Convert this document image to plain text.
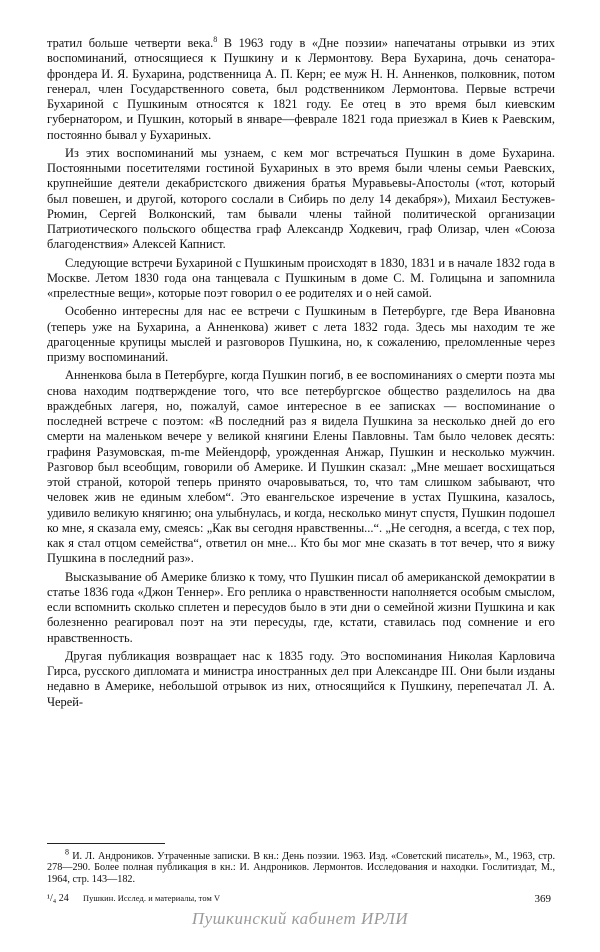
тратил больше четверти века.$^8$ В 1963 году в «Дне поэзии» напечатаны отрывки из этих воспоминаний, относящиеся к Пушкину и к Лермонтову. Вера Бухарина, дочь сенатора-фрондера И. Я. Бухарина, родственница А. П. Керн; ее муж Н. Н. Анненков, полковник, потом генерал, член Государственного совета, был родственником Лермонтова. Первые встречи Бухариной с Пушкиным относятся к 1821 году. Ее отец в это время был киевским губернатором, и Пушкин, который в январе—феврале 1821 года приезжал в Киев к Раевским, постоянно бывал у Бухариных.

Из этих воспоминаний мы узнаем, с кем мог встречаться Пушкин в доме Бухарина. Постоянными посетителями гостиной Бухариных в это время были члены семьи Раевских, крупнейшие деятели декабристского движения братья Муравьевы-Апостолы («тот, который был повешен, и другой, которого сослали в Сибирь по делу 14 декабря»), Михаил Бестужев-Рюмин, Сергей Волконский, там бывали члены тайной политической организации Патриотического польского общества граф Александр Ходкевич, граф Олизар, член «Союза благоденствия» Алексей Капнист.

Следующие встречи Бухариной с Пушкиным происходят в 1830, 1831 и в начале 1832 года в Москве. Летом 1830 года она танцевала с Пушкиным в доме С. М. Голицына и запомнила «прелестные вещи», которые поэт говорил о ее родителях и о ней самой.

Особенно интересны для нас ее встречи с Пушкиным в Петербурге, где Вера Ивановна (теперь уже на Бухарина, а Анненкова) живет с лета 1832 года. Здесь мы находим те же драгоценные крупицы мыслей и разговоров Пушкина, но, к сожалению, преломленные через призму воспоминаний.

Анненкова была в Петербурге, когда Пушкин погиб, в ее воспоминаниях о смерти поэта мы снова находим подтверждение того, что все петербургское общество разделилось на два враждебных лагеря, но, пожалуй, самое интересное в ее записках — воспоминание о последней встрече с поэтом: «В последний раз я видела Пушкина за несколько дней до его смерти на маленьком вечере у великой княгини Елены Павловны. Там было человек десять: графиня Разумовская, m-me Мейендорф, урожденная Анжар, Пушкин и несколько мужчин. Разговор был всеобщим, говорили об Америке. И Пушкин сказал: „Мне мешает восхищаться этой страной, которой теперь принято очаровываться, то, что там слишком забывают, что человек жив не единым хлебом“. Это евангельское изречение в устах Пушкина, казалось, удивило великую княгиню; она улыбнулась, и когда, несколько минут спустя, Пушкин подошел ко мне, я сказала ему, смеясь: „Как вы сегодня нравственны...“. „Не сегодня, а всегда, с тех пор, как я стал отцом семейства“, ответил он мне... Кто бы мог мне сказать в тот вечер, что я вижу Пушкина в последний раз».

Высказывание об Америке близко к тому, что Пушкин писал об американской демократии в статье 1836 года «Джон Теннер». Его реплика о нравственности наполняется особым смыслом, если вспомнить сколько сплетен и пересудов было в эти дни о семейной жизни Пушкина и как болезненно реагировал поэт на эти пересуды, где, кстати, ставилась под сомнение и его нравственность.

Другая публикация возвращает нас к 1835 году. Это воспоминания Николая Карловича Гирса, русского дипломата и министра иностранных дел при Александре III. Они были изданы недавно в Америке, небольшой отрывок из них, относящийся к Пушкину, перепечатал Л. А. Черей-

$^8$ И. Л. Андроников. Утраченные записки. В кн.: День поэзии. 1963. Изд. «Советский писатель», М., 1963, стр. 278—290. Более полная публикация в кн.: И. Андроников. Лермонтов. Исследования и находки. Гослитиздат, М., 1964, стр. 143—182.

¹/₄ 24 Пушкин. Исслед. и материалы, том V	369
Пушкинский кабинет ИРЛИ
